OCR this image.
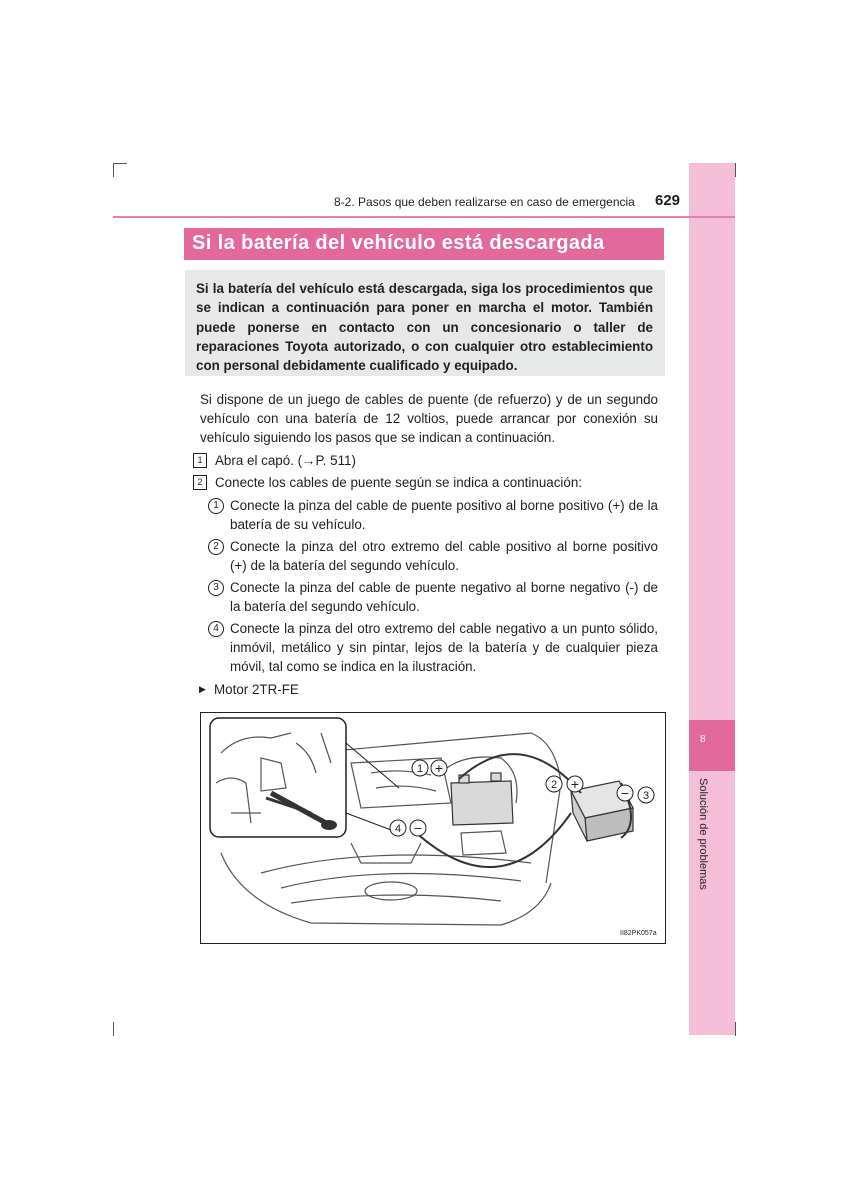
8
Solución de problemas
8-2. Pasos que deben realizarse en caso de emergencia 629
Si la batería del vehículo está descargada

Si la batería del vehículo está descargada, siga los procedimientos que se indican a continuación para poner en marcha el motor. También puede ponerse en contacto con un concesionario o taller de reparaciones Toyota autorizado, o con cualquier otro establecimiento con personal debidamente cualificado y equipado.

Si dispone de un juego de cables de puente (de refuerzo) y de un segundo vehículo con una batería de 12 voltios, puede arrancar por conexión su vehículo siguiendo los pasos que se indican a continuación.
1 Abra el capó. (→P. 511)
2 Conecte los cables de puente según se indica a continuación:
1 Conecte la pinza del cable de puente positivo al borne positivo (+) de la batería de su vehículo.
2 Conecte la pinza del otro extremo del cable positivo al borne positivo (+) de la batería del segundo vehículo.
3 Conecte la pinza del cable de puente negativo al borne negativo (-) de la batería del segundo vehículo.
4 Conecte la pinza del otro extremo del cable negativo a un punto sólido, inmóvil, metálico y sin pintar, lejos de la batería y de cualquier pieza móvil, tal como se indica en la ilustración.
▶ Motor 2TR-FE
1 +
2 +
− 3
4 −
II82PK057a
